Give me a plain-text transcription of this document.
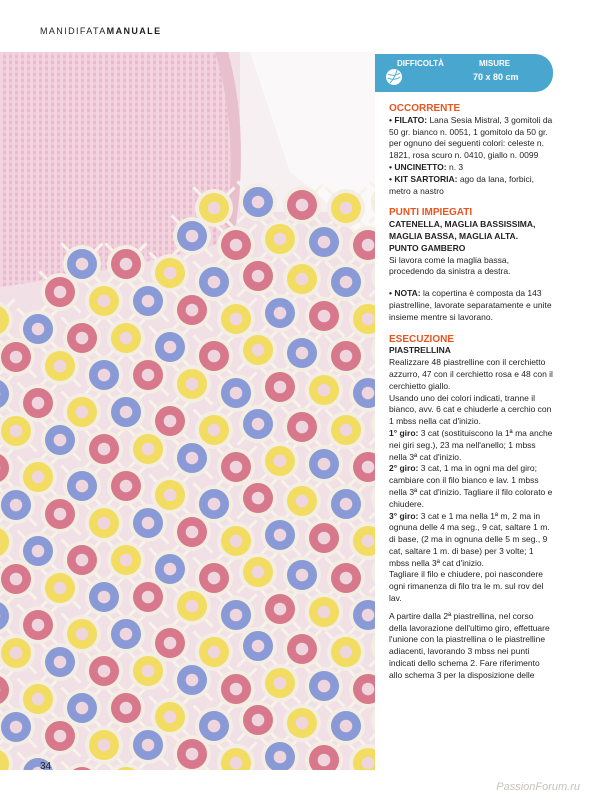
MANIDIFATAMANUALE
34
PassionForum.ru
DIFFICOLTÀ	MISURE
70 x 80 cm

OCCORRENTE

• FILATO: Lana Sesia Mistral, 3 gomitoli da 50 gr. bianco n. 0051, 1 gomitolo da 50 gr. per ognuno dei seguenti colori: celeste n. 1821, rosa scuro n. 0410, giallo n. 0099

• UNCINETTO: n. 3

• KIT SARTORIA: ago da lana, forbici, metro a nastro

PUNTI IMPIEGATI

CATENELLA, MAGLIA BASSISSIMA, MAGLIA BASSA, MAGLIA ALTA.

PUNTO GAMBERO

Si lavora come la maglia bassa, procedendo da sinistra a destra.

• NOTA: la copertina è composta da 143 piastrelline, lavorate separatamente e unite insieme mentre si lavorano.

ESECUZIONE

PIASTRELLINA

Realizzare 48 piastrelline con il cerchietto azzurro, 47 con il cerchietto rosa e 48 con il cerchietto giallo.

Usando uno dei colori indicati, tranne il bianco, avv. 6 cat e chiuderle a cerchio con 1 mbss nella cat d'inizio.

1° giro: 3 cat (sostituiscono la 1ª ma anche nei giri seg.), 23 ma nell'anello; 1 mbss nella 3ª cat d'inizio.

2° giro: 3 cat, 1 ma in ogni ma del giro; cambiare con il filo bianco e lav. 1 mbss nella 3ª cat d'inizio. Tagliare il filo colorato e chiudere.

3° giro: 3 cat e 1 ma nella 1ª m, 2 ma in ognuna delle 4 ma seg., 9 cat, saltare 1 m. di base, (2 ma in ognuna delle 5 m seg., 9 cat, saltare 1 m. di base) per 3 volte; 1 mbss nella 3ª cat d'inizio.

Tagliare il filo e chiudere, poi nascondere ogni rimanenza di filo tra le m. sul rov del lav.

A partire dalla 2ª piastrellina, nel corso della lavorazione dell'ultimo giro, effettuare l'unione con la piastrellina o le piastrelline adiacenti, lavorando 3 mbss nei punti indicati dello schema 2. Fare riferimento allo schema 3 per la disposizione delle
